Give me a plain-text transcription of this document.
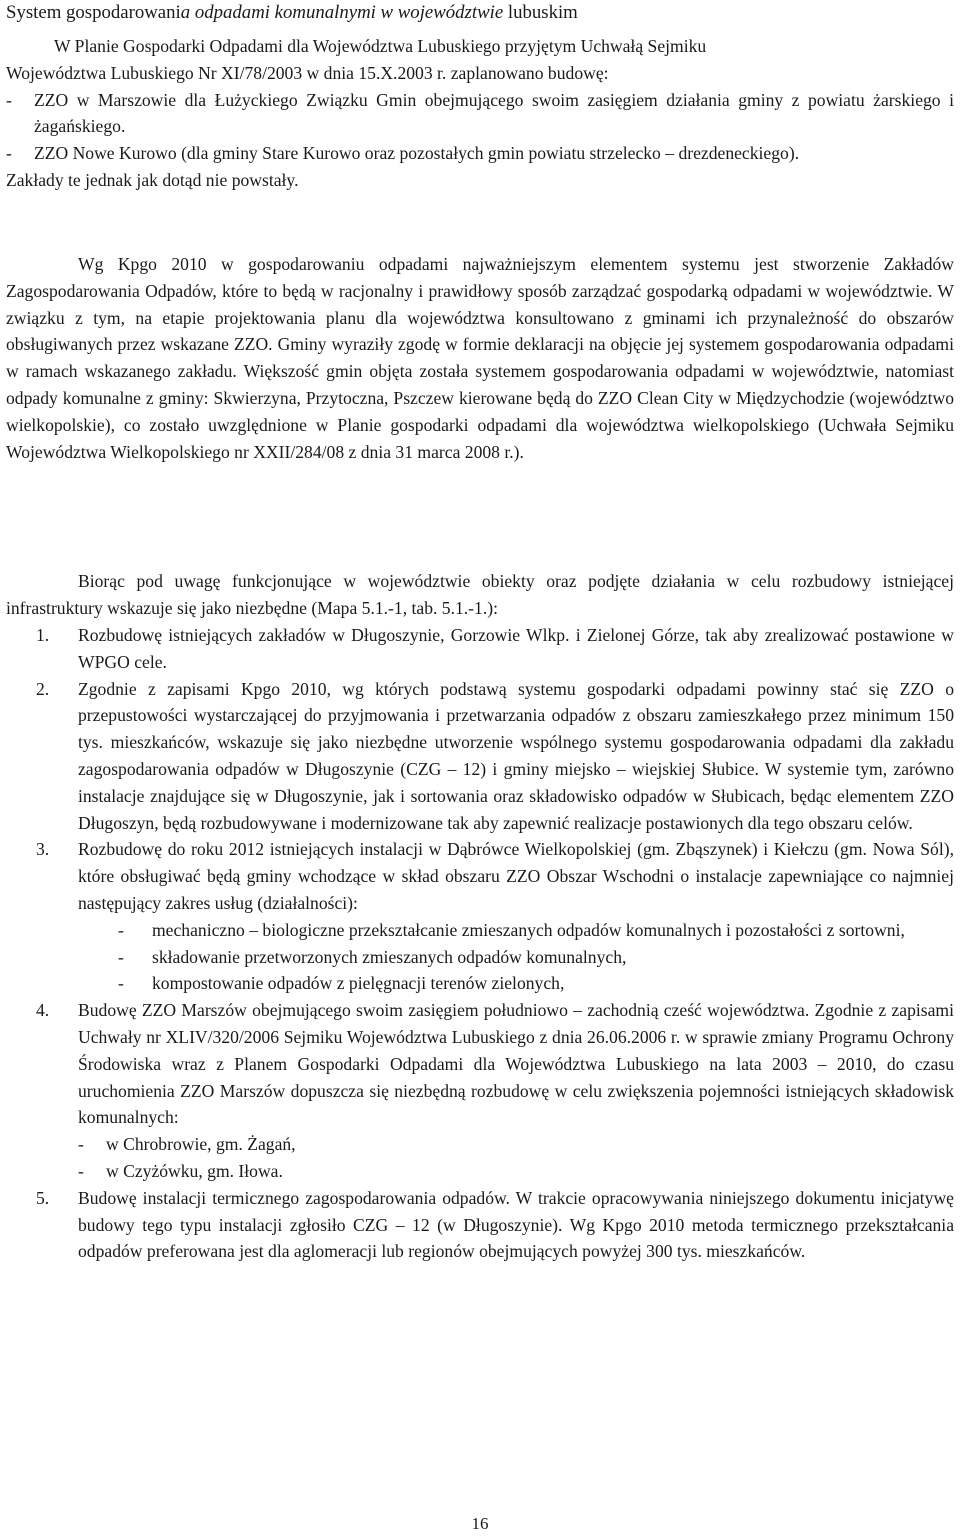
System gospodarowania odpadami komunalnymi w województwie lubuskim
W Planie Gospodarki Odpadami dla Województwa Lubuskiego przyjętym Uchwałą Sejmiku
Województwa Lubuskiego Nr XI/78/2003 w dnia 15.X.2003 r. zaplanowano budowę:
- ZZO w Marszowie dla Łużyckiego Związku Gmin obejmującego swoim zasięgiem działania gminy z powiatu żarskiego i żagańskiego.
- ZZO Nowe Kurowo (dla gminy Stare Kurowo oraz pozostałych gmin powiatu strzelecko – drezdeneckiego).
Zakłady te jednak jak dotąd nie powstały.
Wg Kpgo 2010 w gospodarowaniu odpadami najważniejszym elementem systemu jest stworzenie Zakładów Zagospodarowania Odpadów, które to będą w racjonalny i prawidłowy sposób zarządzać gospodarką odpadami w województwie. W związku z tym, na etapie projektowania planu dla województwa konsultowano z gminami ich przynależność do obszarów obsługiwanych przez wskazane ZZO. Gminy wyraziły zgodę w formie deklaracji na objęcie jej systemem gospodarowania odpadami w ramach wskazanego zakładu. Większość gmin objęta została systemem gospodarowania odpadami w województwie, natomiast odpady komunalne z gminy: Skwierzyna, Przytoczna, Pszczew kierowane będą do ZZO Clean City w Międzychodzie (województwo wielkopolskie), co zostało uwzględnione w Planie gospodarki odpadami dla województwa wielkopolskiego (Uchwała Sejmiku Województwa Wielkopolskiego nr XXII/284/08 z dnia 31 marca 2008 r.).
Biorąc pod uwagę funkcjonujące w województwie obiekty oraz podjęte działania w celu rozbudowy istniejącej infrastruktury wskazuje się jako niezbędne (Mapa 5.1.-1, tab. 5.1.-1.):
1. Rozbudowę istniejących zakładów w Długoszynie, Gorzowie Wlkp. i Zielonej Górze, tak aby zrealizować postawione w WPGO cele.
2. Zgodnie z zapisami Kpgo 2010, wg których podstawą systemu gospodarki odpadami powinny stać się ZZO o przepustowości wystarczającej do przyjmowania i przetwarzania odpadów z obszaru zamieszkałego przez minimum 150 tys. mieszkańców, wskazuje się jako niezbędne utworzenie wspólnego systemu gospodarowania odpadami dla zakładu zagospodarowania odpadów w Długoszynie (CZG – 12) i gminy miejsko – wiejskiej Słubice. W systemie tym, zarówno instalacje znajdujące się w Długoszynie, jak i sortowania oraz składowisko odpadów w Słubicach, będąc elementem ZZO Długoszyn, będą rozbudowywane i modernizowane tak aby zapewnić realizacje postawionych dla tego obszaru celów.
3. Rozbudowę do roku 2012 istniejących instalacji w Dąbrówce Wielkopolskiej (gm. Zbąszynek) i Kiełczu (gm. Nowa Sól), które obsługiwać będą gminy wchodzące w skład obszaru ZZO Obszar Wschodni o instalacje zapewniające co najmniej następujący zakres usług (działalności):
- mechaniczno – biologiczne przekształcanie zmieszanych odpadów komunalnych i pozostałości z sortowni,
- składowanie przetworzonych zmieszanych odpadów komunalnych,
- kompostowanie odpadów z pielęgnacji terenów zielonych,
4. Budowę ZZO Marszów obejmującego swoim zasięgiem południowo – zachodnią cześć województwa. Zgodnie z zapisami Uchwały nr XLIV/320/2006 Sejmiku Województwa Lubuskiego z dnia 26.06.2006 r. w sprawie zmiany Programu Ochrony Środowiska wraz z Planem Gospodarki Odpadami dla Województwa Lubuskiego na lata 2003 – 2010, do czasu uruchomienia ZZO Marszów dopuszcza się niezbędną rozbudowę w celu zwiększenia pojemności istniejących składowisk komunalnych:
- w Chrobrowie, gm. Żagań,
- w Czyżówku, gm. Iłowa.
5. Budowę instalacji termicznego zagospodarowania odpadów. W trakcie opracowywania niniejszego dokumentu inicjatywę budowy tego typu instalacji zgłosiło CZG – 12 (w Długoszynie). Wg Kpgo 2010 metoda termicznego przekształcania odpadów preferowana jest dla aglomeracji lub regionów obejmujących powyżej 300 tys. mieszkańców.
16
